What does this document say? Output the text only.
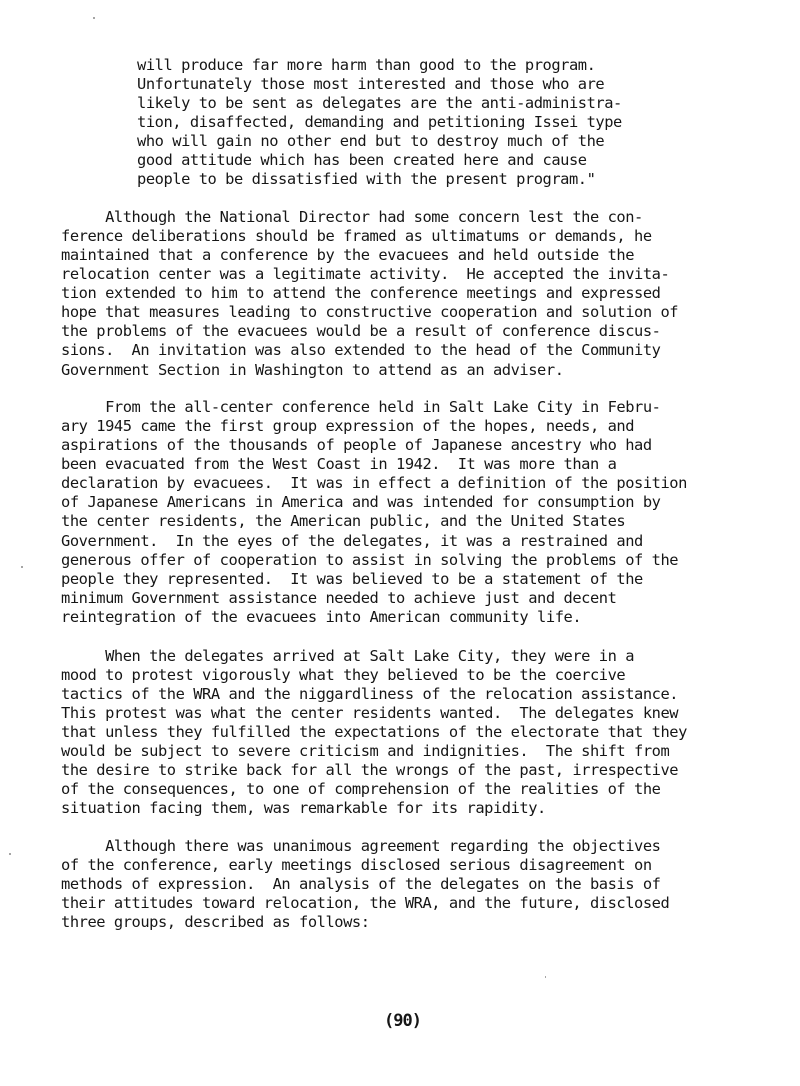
will produce far more harm than good to the program.
Unfortunately those most interested and those who are
likely to be sent as delegates are the anti-administra-
tion, disaffected, demanding and petitioning Issei type
who will gain no other end but to destroy much of the
good attitude which has been created here and cause
people to be dissatisfied with the present program."
Although the National Director had some concern lest the con-
ference deliberations should be framed as ultimatums or demands, he
maintained that a conference by the evacuees and held outside the
relocation center was a legitimate activity.  He accepted the invita-
tion extended to him to attend the conference meetings and expressed
hope that measures leading to constructive cooperation and solution of
the problems of the evacuees would be a result of conference discus-
sions.  An invitation was also extended to the head of the Community
Government Section in Washington to attend as an adviser.
From the all-center conference held in Salt Lake City in Febru-
ary 1945 came the first group expression of the hopes, needs, and
aspirations of the thousands of people of Japanese ancestry who had
been evacuated from the West Coast in 1942.  It was more than a
declaration by evacuees.  It was in effect a definition of the position
of Japanese Americans in America and was intended for consumption by
the center residents, the American public, and the United States
Government.  In the eyes of the delegates, it was a restrained and
generous offer of cooperation to assist in solving the problems of the
people they represented.  It was believed to be a statement of the
minimum Government assistance needed to achieve just and decent
reintegration of the evacuees into American community life.
When the delegates arrived at Salt Lake City, they were in a
mood to protest vigorously what they believed to be the coercive
tactics of the WRA and the niggardliness of the relocation assistance.
This protest was what the center residents wanted.  The delegates knew
that unless they fulfilled the expectations of the electorate that they
would be subject to severe criticism and indignities.  The shift from
the desire to strike back for all the wrongs of the past, irrespective
of the consequences, to one of comprehension of the realities of the
situation facing them, was remarkable for its rapidity.
Although there was unanimous agreement regarding the objectives
of the conference, early meetings disclosed serious disagreement on
methods of expression.  An analysis of the delegates on the basis of
their attitudes toward relocation, the WRA, and the future, disclosed
three groups, described as follows:
(90)
